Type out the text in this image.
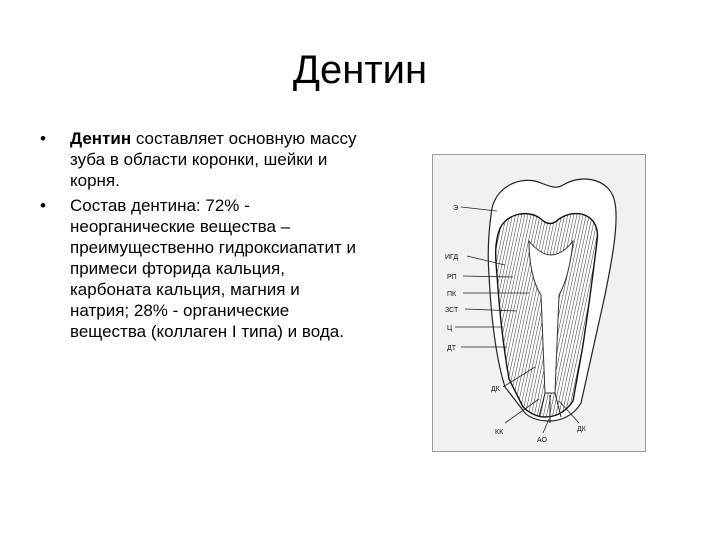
Дентин
•	Дентин составляет основную массу зуба в области коронки, шейки и корня.
•	Состав дентина: 72% - неорганические вещества – преимущественно гидроксиапатит и примеси фторида кальция, карбоната кальция, магния и натрия; 28% - органические вещества (коллаген I типа) и вода.
Э
ИГД
РП
ПК
ЗСТ
Ц
ДТ
ДК
КК
АО
ДК
